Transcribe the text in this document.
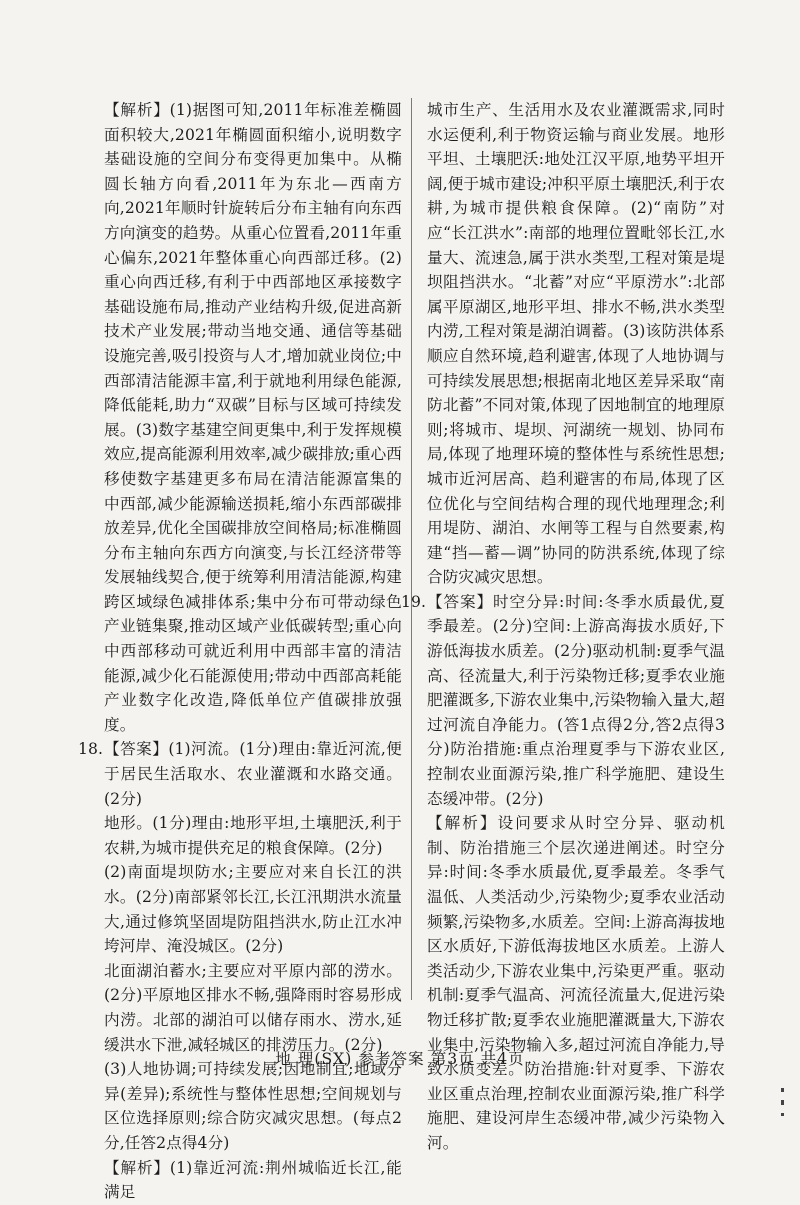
【解析】(1)据图可知,2011年标准差椭圆面积较大,2021年椭圆面积缩小,说明数字基础设施的空间分布变得更加集中。从椭圆长轴方向看,2011年为东北—西南方向,2021年顺时针旋转后分布主轴有向东西方向演变的趋势。从重心位置看,2011年重心偏东,2021年整体重心向西部迁移。(2)重心向西迁移,有利于中西部地区承接数字基础设施布局,推动产业结构升级,促进高新技术产业发展;带动当地交通、通信等基础设施完善,吸引投资与人才,增加就业岗位;中西部清洁能源丰富,利于就地利用绿色能源,降低能耗,助力“双碳”目标与区域可持续发展。(3)数字基建空间更集中,利于发挥规模效应,提高能源利用效率,减少碳排放;重心西移使数字基建更多布局在清洁能源富集的中西部,减少能源输送损耗,缩小东西部碳排放差异,优化全国碳排放空间格局;标准椭圆分布主轴向东西方向演变,与长江经济带等发展轴线契合,便于统筹利用清洁能源,构建跨区域绿色减排体系;集中分布可带动绿色产业链集聚,推动区域产业低碳转型;重心向中西部移动可就近利用中西部丰富的清洁能源,减少化石能源使用;带动中西部高耗能产业数字化改造,降低单位产值碳排放强度。

18. 【答案】(1)河流。(1分)理由:靠近河流,便于居民生活取水、农业灌溉和水路交通。(2分)

地形。(1分)理由:地形平坦,土壤肥沃,利于农耕,为城市提供充足的粮食保障。(2分)

(2)南面堤坝防水;主要应对来自长江的洪水。(2分)南部紧邻长江,长江汛期洪水流量大,通过修筑坚固堤防阻挡洪水,防止江水冲垮河岸、淹没城区。(2分)

北面湖泊蓄水;主要应对平原内部的涝水。(2分)平原地区排水不畅,强降雨时容易形成内涝。北部的湖泊可以储存雨水、涝水,延缓洪水下泄,减轻城区的排涝压力。(2分)

(3)人地协调;可持续发展;因地制宜;地域分异(差异);系统性与整体性思想;空间规划与区位选择原则;综合防灾减灾思想。(每点2分,任答2点得4分)

【解析】(1)靠近河流:荆州城临近长江,能满足

城市生产、生活用水及农业灌溉需求,同时水运便利,利于物资运输与商业发展。地形平坦、土壤肥沃:地处江汉平原,地势平坦开阔,便于城市建设;冲积平原土壤肥沃,利于农耕,为城市提供粮食保障。(2)“南防”对应“长江洪水”:南部的地理位置毗邻长江,水量大、流速急,属于洪水类型,工程对策是堤坝阻挡洪水。“北蓄”对应“平原涝水”:北部属平原湖区,地形平坦、排水不畅,洪水类型内涝,工程对策是湖泊调蓄。(3)该防洪体系顺应自然环境,趋利避害,体现了人地协调与可持续发展思想;根据南北地区差异采取“南防北蓄”不同对策,体现了因地制宜的地理原则;将城市、堤坝、河湖统一规划、协同布局,体现了地理环境的整体性与系统性思想;城市近河居高、趋利避害的布局,体现了区位优化与空间结构合理的现代地理理念;利用堤防、湖泊、水闸等工程与自然要素,构建“挡—蓄—调”协同的防洪系统,体现了综合防灾减灾思想。

19. 【答案】时空分异:时间:冬季水质最优,夏季最差。(2分)空间:上游高海拔水质好,下游低海拔水质差。(2分)驱动机制:夏季气温高、径流量大,利于污染物迁移;夏季农业施肥灌溉多,下游农业集中,污染物输入量大,超过河流自净能力。(答1点得2分,答2点得3分)防治措施:重点治理夏季与下游农业区,控制农业面源污染,推广科学施肥、建设生态缓冲带。(2分)

【解析】设问要求从时空分异、驱动机制、防治措施三个层次递进阐述。时空分异:时间:冬季水质最优,夏季最差。冬季气温低、人类活动少,污染物少;夏季农业活动频繁,污染物多,水质差。空间:上游高海拔地区水质好,下游低海拔地区水质差。上游人类活动少,下游农业集中,污染更严重。驱动机制:夏季气温高、河流径流量大,促进污染物迁移扩散;夏季农业施肥灌溉量大,下游农业集中,污染物输入多,超过河流自净能力,导致水质变差。防治措施:针对夏季、下游农业区重点治理,控制农业面源污染,推广科学施肥、建设河岸生态缓冲带,减少污染物入河。

地 理(SX) 参考答案 第3页 共4页
